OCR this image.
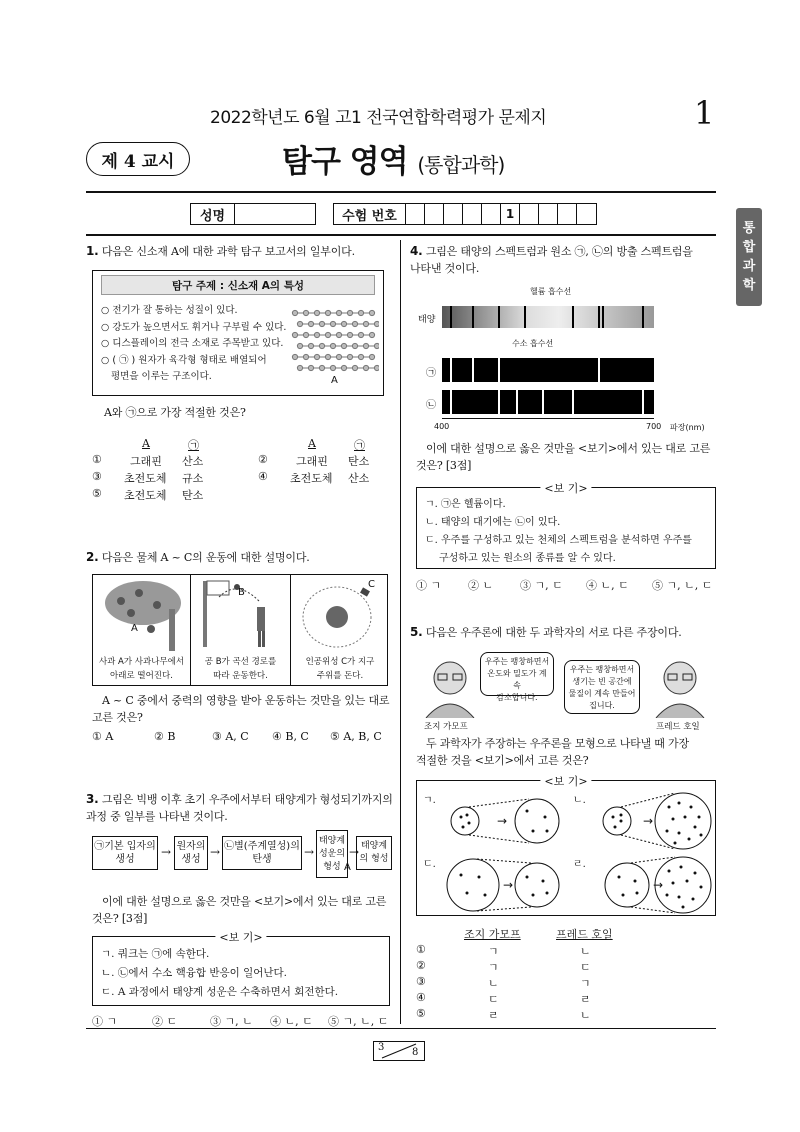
2022학년도 6월 고1 전국연합학력평가 문제지	1
제 4 교시	탐구 영역 (통합과학)
성명	수험 번호	1
통
합
과
학
1. 다음은 신소재 A에 대한 과학 탐구 보고서의 일부이다.
탐구 주제 : 신소재 A의 특성
○ 전기가 잘 통하는 성질이 있다.
○ 강도가 높으면서도 휘거나 구부릴 수 있다.
○ 디스플레이의 전극 소재로 주목받고 있다.
○ ( ㉠ ) 원자가 육각형 형태로 배열되어
평면을 이루는 구조이다.	A
A와 ㉠으로 가장 적절한 것은?
A	㉠	A	㉠
①	그래핀 산소	②	그래핀 탄소
③ 초전도체 규소	④ 초전도체 산소
⑤ 초전도체 탄소
2. 다음은 물체 A ~ C의 운동에 대한 설명이다.
A
B
C
사과 A가 사과나무에서
아래로 떨어진다.
공 B가 곡선 경로를
따라 운동한다.
인공위성 C가 지구
주위를 돈다.
A ~ C 중에서 중력의 영향을 받아 운동하는 것만을 있는 대로
고른 것은?
① A	② B	③ A, C ④ B, C ⑤ A, B, C
3. 그림은 빅뱅 이후 초기 우주에서부터 태양계가 형성되기까지의
과정 중 일부를 나타낸 것이다.
㉠기본 입자의 생성
→ 원자의 생성
→ ㉡별(주계열성)의 탄생
→
태양계 성운의 형성
→
A
태양계의 형성
이에 대한 설명으로 옳은 것만을 <보기>에서 있는 대로 고른
것은? [3점]
<보 기>
ㄱ. 쿼크는 ㉠에 속한다.
ㄴ. ㉡에서 수소 핵융합 반응이 일어난다.
ㄷ. A 과정에서 태양계 성운은 수축하면서 회전한다.
① ㄱ	② ㄷ	③ ㄱ, ㄴ ④ ㄴ, ㄷ ⑤ ㄱ, ㄴ, ㄷ
4. 그림은 태양의 스펙트럼과 원소 ㉠, ㉡의 방출 스펙트럼을
나타낸 것이다.
헬륨 흡수선
수소 흡수선
태양
㉠
㉡
400	700 파장(nm)
이에 대한 설명으로 옳은 것만을 <보기>에서 있는 대로 고른
것은? [3점]
<보 기>
ㄱ. ㉠은 헬륨이다.
ㄴ. 태양의 대기에는 ㉡이 있다.
ㄷ. 우주를 구성하고 있는 천체의 스펙트럼을 분석하면 우주를
구성하고 있는 원소의 종류를 알 수 있다.
① ㄱ ② ㄴ ③ ㄱ, ㄷ ④ ㄴ, ㄷ ⑤ ㄱ, ㄴ, ㄷ
5. 다음은 우주론에 대한 두 과학자의 서로 다른 주장이다.
우주는 팽창하면서
온도와 밀도가 계속
감소합니다.
우주는 팽창하면서
생기는 빈 공간에
물질이 계속 만들어
집니다.
조지 가모프	프레드 호일
두 과학자가 주장하는 우주론을 모형으로 나타낼 때 가장
적절한 것을 <보기>에서 고른 것은?
<보 기>
ㄱ.	ㄴ.
ㄷ.	ㄹ.
→	→
→	→
조지 가모프	프레드 호일
①	ㄱ	ㄴ
②	ㄱ	ㄷ
③	ㄴ	ㄱ
④	ㄷ	ㄹ
⑤	ㄹ	ㄴ
3	8
